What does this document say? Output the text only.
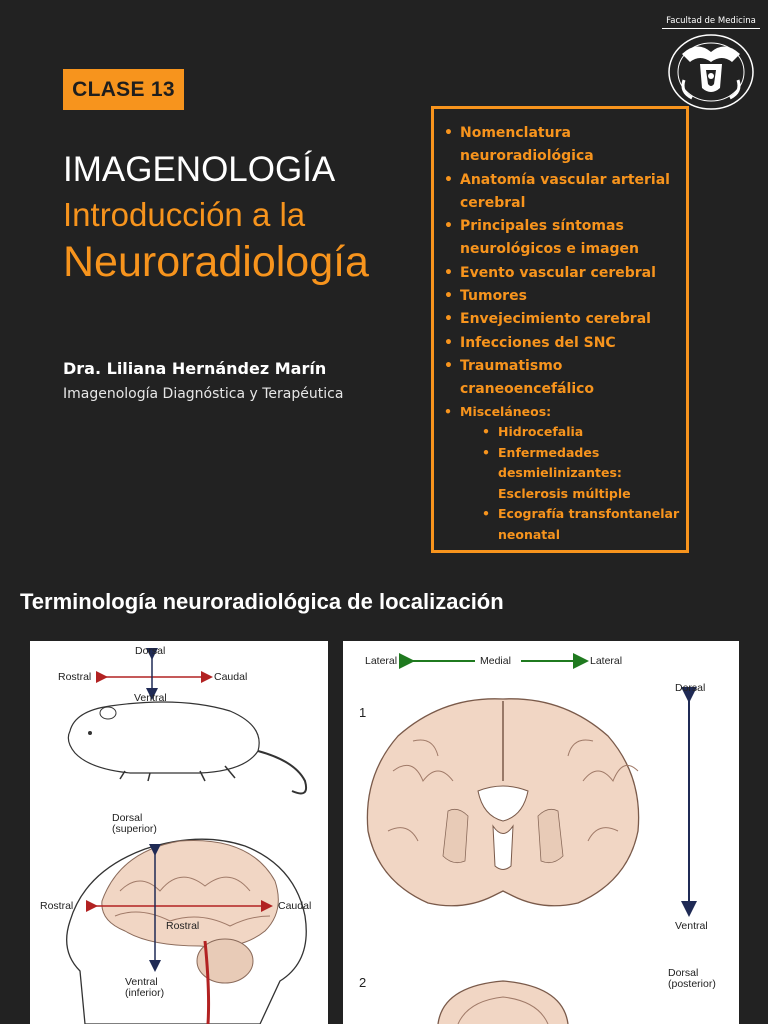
CLASE 13
Facultad de Medicina
IMAGENOLOGÍA
Introducción a la
Neuroradiología
Dra. Liliana Hernández Marín
Imagenología Diagnóstica y Terapéutica
• Nomenclatura neuroradiológica
• Anatomía vascular arterial cerebral
• Principales síntomas neurológicos e imagen
• Evento vascular cerebral
• Tumores
• Envejecimiento cerebral
• Infecciones del SNC
• Traumatismo craneoencefálico
• Misceláneos:
• Hidrocefalia
• Enfermedades desmielinizantes: Esclerosis múltiple
• Ecografía transfontanelar neonatal
Terminología neuroradiológica de localización
Dorsal
Rostral	Caudal
Ventral
Dorsal
(superior)
Rostral	Caudal
Rostral
Ventral
(inferior)
Lateral	Medial	Lateral
Dorsal
Ventral
1
2
Dorsal
(posterior)
